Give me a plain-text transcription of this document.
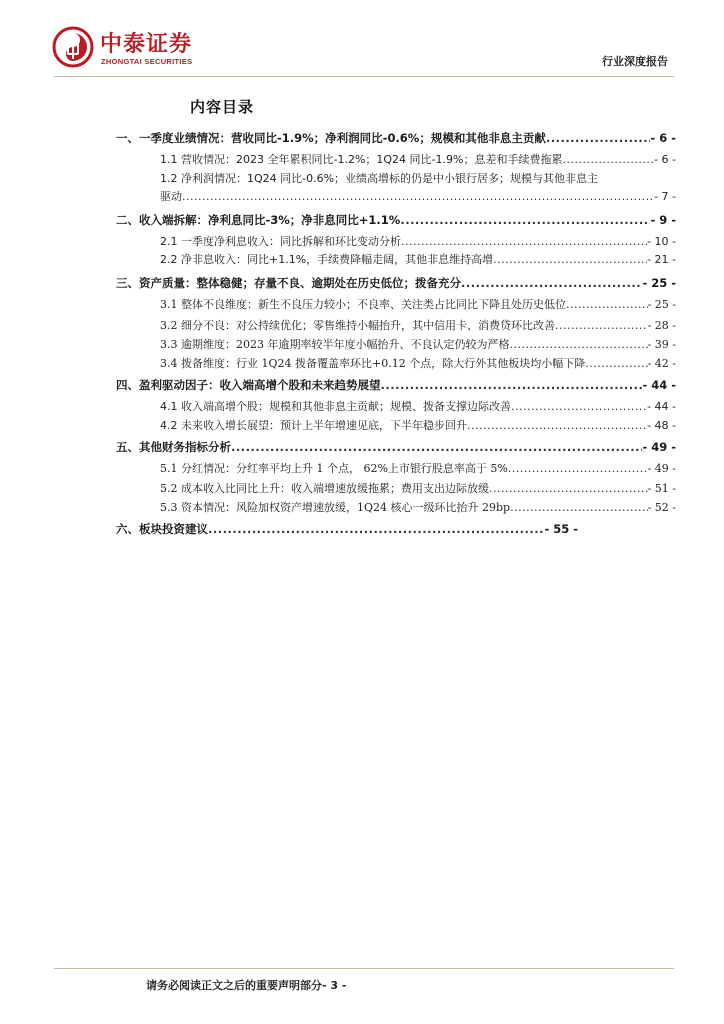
中泰证券
ZHONGTAI SECURITIES	行业深度报告
内容目录
一、一季度业绩情况：营收同比-1.9%；净利润同比-0.6%；规模和其他非息主贡献 .....	- 6 -
1.1 营收情况：2023 全年累积同比-1.2%；1Q24 同比-1.9%；息差和手续费拖累 .....	- 6 -
1.2 净利润情况：1Q24 同比-0.6%；业绩高增标的仍是中小银行居多；规模与其他非息主
驱动 .....	- 7 -
二、收入端拆解：净利息同比-3%；净非息同比+1.1% .....	- 9 -
2.1 一季度净利息收入：同比拆解和环比变动分析 .....	- 10 -
2.2 净非息收入：同比+1.1%，手续费降幅走阔，其他非息维持高增 .....	- 21 -
三、资产质量：整体稳健；存量不良、逾期处在历史低位；拨备充分 .....	- 25 -
3.1 整体不良维度：新生不良压力较小；不良率、关注类占比同比下降且处历史低位 .....	- 25 -
3.2 细分不良：对公持续优化；零售维持小幅抬升，其中信用卡、消费贷环比改善 .....	- 28 -
3.3 逾期维度：2023 年逾期率较半年度小幅抬升、不良认定仍较为严格 .....	- 39 -
3.4 拨备维度：行业 1Q24 拨备覆盖率环比+0.12 个点，除大行外其他板块均小幅下降 .....	- 42 -
四、盈利驱动因子：收入端高增个股和未来趋势展望 .....	- 44 -
4.1 收入端高增个股：规模和其他非息主贡献；规模、拨备支撑边际改善 .....	- 44 -
4.2 未来收入增长展望：预计上半年增速见底，下半年稳步回升 .....	- 48 -
五、其他财务指标分析 .....	- 49 -
5.1 分红情况：分红率平均上升 1 个点， 62%上市银行股息率高于 5% .....	- 49 -
5.2 成本收入比同比上升：收入端增速放缓拖累；费用支出边际放缓 .....	- 51 -
5.3 资本情况：风险加权资产增速放缓，1Q24 核心一级环比抬升 29bp .....	- 52 -
六、板块投资建议 .....	- 55 -
请务必阅读正文之后的重要声明部分- 3 -
